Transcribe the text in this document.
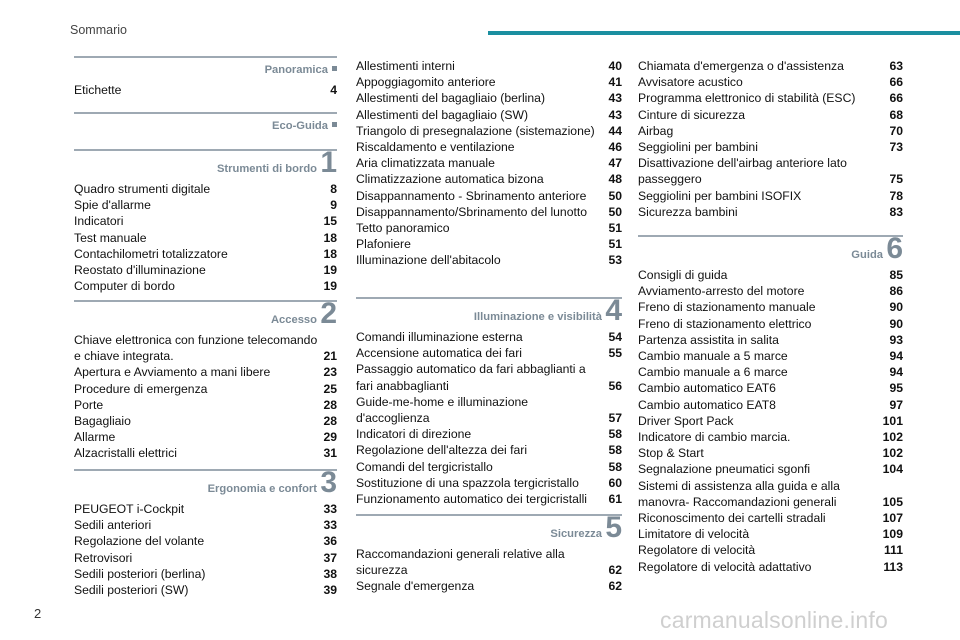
Sommario
Panoramica
Etichette	4
Eco-Guida
Strumenti di bordo 1
Quadro strumenti digitale	8
Spie d'allarme	9
Indicatori	15
Test manuale	18
Contachilometri totalizzatore	18
Reostato d'illuminazione	19
Computer di bordo	19
Accesso 2
Chiave elettronica con funzione telecomando e chiave integrata.	21
Apertura e Avviamento a mani libere	23
Procedure di emergenza	25
Porte	28
Bagagliaio	28
Allarme	29
Alzacristalli elettrici	31
Ergonomia e confort 3
PEUGEOT i-Cockpit	33
Sedili anteriori	33
Regolazione del volante	36
Retrovisori	37
Sedili posteriori (berlina)	38
Sedili posteriori (SW)	39
Allestimenti interni	40
Appoggiagomito anteriore	41
Allestimenti del bagagliaio (berlina)	43
Allestimenti del bagagliaio (SW)	43
Triangolo di presegnalazione (sistemazione)	44
Riscaldamento e ventilazione	46
Aria climatizzata manuale	47
Climatizzazione automatica bizona	48
Disappannamento - Sbrinamento anteriore	50
Disappannamento/Sbrinamento del lunotto	50
Tetto panoramico	51
Plafoniere	51
Illuminazione dell'abitacolo	53
Illuminazione e visibilità 4
Comandi illuminazione esterna	54
Accensione automatica dei fari	55
Passaggio automatico da fari abbaglianti a fari anabbaglianti	56
Guide-me-home e illuminazione d'accoglienza	57
Indicatori di direzione	58
Regolazione dell'altezza dei fari	58
Comandi del tergicristallo	58
Sostituzione di una spazzola tergicristallo	60
Funzionamento automatico dei tergicristalli	61
Sicurezza 5
Raccomandazioni generali relative alla sicurezza	62
Segnale d'emergenza	62
Chiamata d'emergenza o d'assistenza	63
Avvisatore acustico	66
Programma elettronico di stabilità (ESC)	66
Cinture di sicurezza	68
Airbag	70
Seggiolini per bambini	73
Disattivazione dell'airbag anteriore lato passeggero	75
Seggiolini per bambini ISOFIX	78
Sicurezza bambini	83
Guida 6
Consigli di guida	85
Avviamento-arresto del motore	86
Freno di stazionamento manuale	90
Freno di stazionamento elettrico	90
Partenza assistita in salita	93
Cambio manuale a 5 marce	94
Cambio manuale a 6 marce	94
Cambio automatico EAT6	95
Cambio automatico EAT8	97
Driver Sport Pack	101
Indicatore di cambio marcia.	102
Stop & Start	102
Segnalazione pneumatici sgonfi	104
Sistemi di assistenza alla guida e alla manovra- Raccomandazioni generali	105
Riconoscimento dei cartelli stradali	107
Limitatore di velocità	109
Regolatore di velocità	111
Regolatore di velocità adattativo	113
2	carmanualsonline.info
